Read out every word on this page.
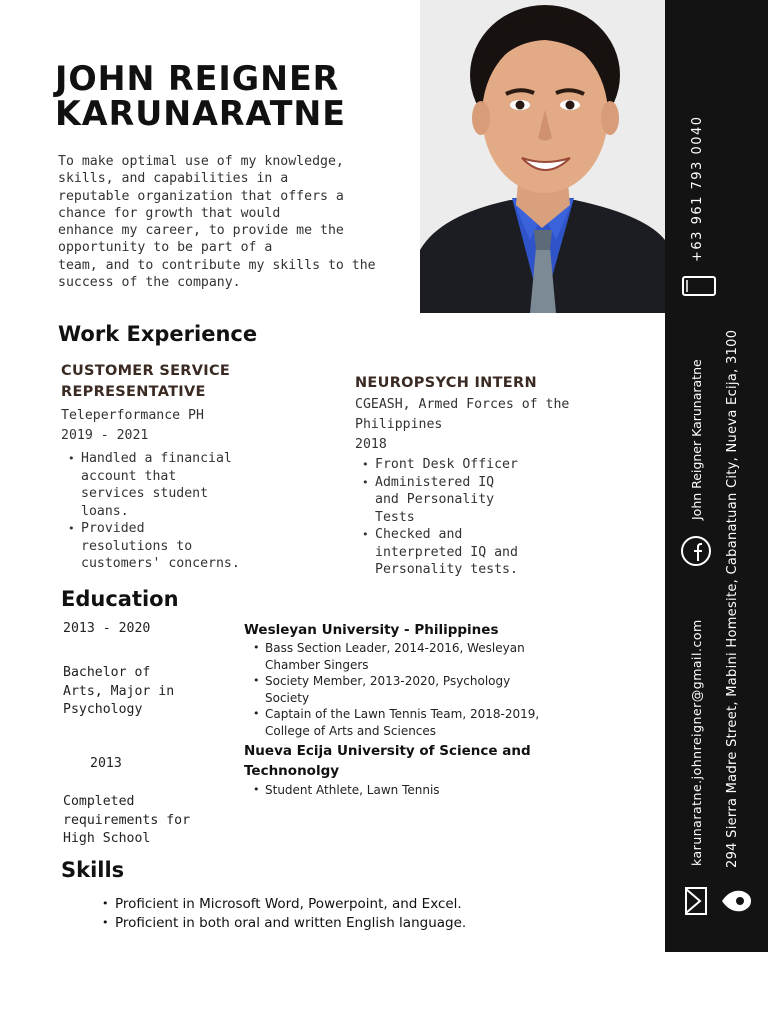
JOHN REIGNER
KARUNARATNE
To make optimal use of my knowledge,
skills, and capabilities in a
reputable organization that offers a
chance for growth that would
enhance my career, to provide me the
opportunity to be part of a
team, and to contribute my skills to the
success of the company.
+63 961 793 0040
John Reigner Karunaratne 294 Sierra Madre Street, Mabini Homesite, Cabanatuan City, Nueva Ecija, 3100
karunaratne.johnreigner@gmail.com
Work Experience
CUSTOMER SERVICE
REPRESENTATIVE
Teleperformance PH
2019 - 2021
• Handled a financial
account that
services student
loans.
• Provided
resolutions to
customers' concerns.
NEUROPSYCH INTERN
CGEASH, Armed Forces of the
Philippines
2018
• Front Desk Officer
• Administered IQ
and Personality
Tests
• Checked and
interpreted IQ and
Personality tests.
Education
2013 - 2020
Bachelor of
Arts, Major in
Psychology
2013
Completed
requirements for
High School
Wesleyan University - Philippines
• Bass Section Leader, 2014-2016, Wesleyan
Chamber Singers
• Society Member, 2013-2020, Psychology
Society
• Captain of the Lawn Tennis Team, 2018-2019,
College of Arts and Sciences
Nueva Ecija University of Science and
Technonolgy
• Student Athlete, Lawn Tennis
Skills
• Proficient in Microsoft Word, Powerpoint, and Excel.
• Proficient in both oral and written English language.
